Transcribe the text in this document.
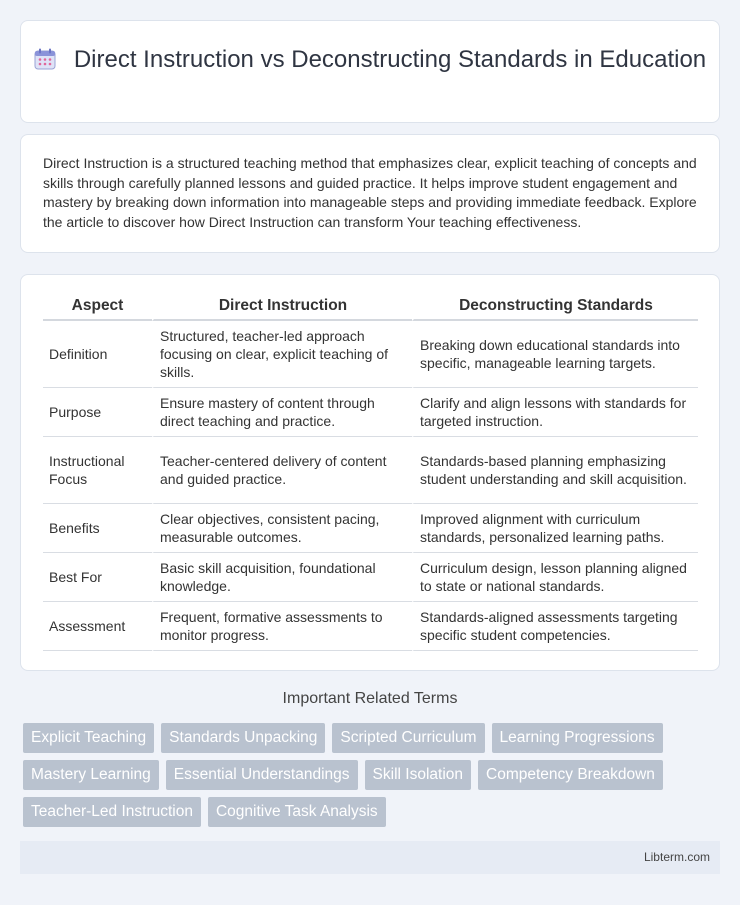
Direct Instruction vs Deconstructing Standards in Education

Direct Instruction is a structured teaching method that emphasizes clear, explicit teaching of concepts and skills through carefully planned lessons and guided practice. It helps improve student engagement and mastery by breaking down information into manageable steps and providing immediate feedback. Explore the article to discover how Direct Instruction can transform Your teaching effectiveness.

Aspect	Direct Instruction	Deconstructing Standards
Definition	Structured, teacher-led approach focusing on clear, explicit teaching of skills.	Breaking down educational standards into specific, manageable learning targets.
Purpose	Ensure mastery of content through direct teaching and practice.	Clarify and align lessons with standards for targeted instruction.
Instructional Focus	Teacher-centered delivery of content and guided practice.	Standards-based planning emphasizing student understanding and skill acquisition.
Benefits	Clear objectives, consistent pacing, measurable outcomes.	Improved alignment with curriculum standards, personalized learning paths.
Best For	Basic skill acquisition, foundational knowledge.	Curriculum design, lesson planning aligned to state or national standards.
Assessment	Frequent, formative assessments to monitor progress.	Standards-aligned assessments targeting specific student competencies.
Important Related Terms
Explicit Teaching	Standards Unpacking	Scripted Curriculum	Learning Progressions
Mastery Learning	Essential Understandings	Skill Isolation	Competency Breakdown
Teacher-Led Instruction	Cognitive Task Analysis
Libterm.com
